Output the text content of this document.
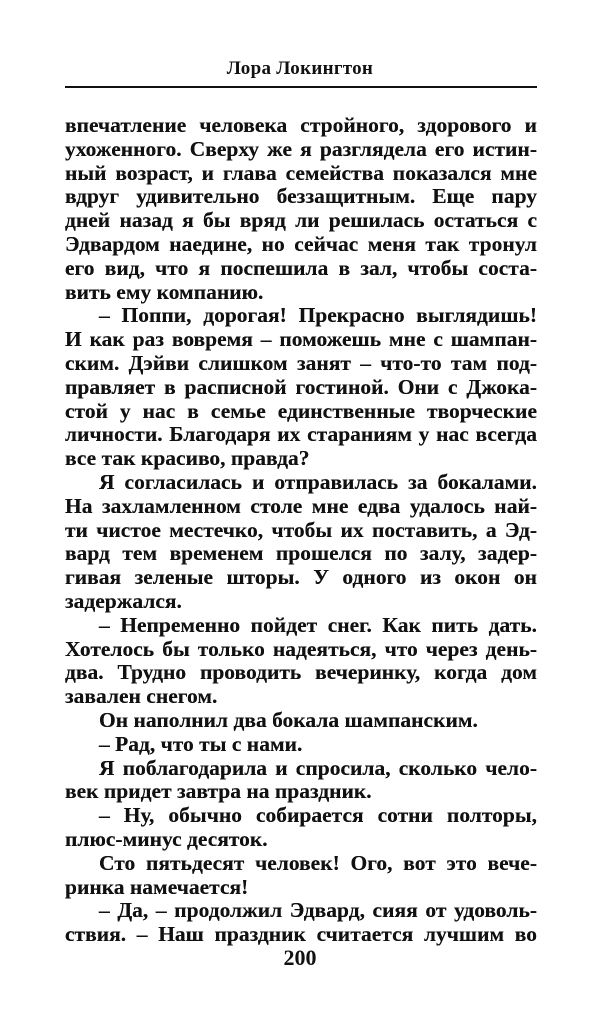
Лора Локингтон
впечатление человека стройного, здорового и
ухоженного. Сверху же я разглядела его истин-
ный возраст, и глава семейства показался мне
вдруг удивительно беззащитным. Еще пару
дней назад я бы вряд ли решилась остаться с
Эдвардом наедине, но сейчас меня так тронул
его вид, что я поспешила в зал, чтобы соста-
вить ему компанию.
– Поппи, дорогая! Прекрасно выглядишь!
И как раз вовремя – поможешь мне с шампан-
ским. Дэйви слишком занят – что-то там под-
правляет в расписной гостиной. Они с Джока-
стой у нас в семье единственные творческие
личности. Благодаря их стараниям у нас всегда
все так красиво, правда?
Я согласилась и отправилась за бокалами.
На захламленном столе мне едва удалось най-
ти чистое местечко, чтобы их поставить, а Эд-
вард тем временем прошелся по залу, задер-
гивая зеленые шторы. У одного из окон он
задержался.
– Непременно пойдет снег. Как пить дать.
Хотелось бы только надеяться, что через день-
два. Трудно проводить вечеринку, когда дом
завален снегом.
Он наполнил два бокала шампанским.
– Рад, что ты с нами.
Я поблагодарила и спросила, сколько чело-
век придет завтра на праздник.
– Ну, обычно собирается сотни полторы,
плюс-минус десяток.
Сто пятьдесят человек! Ого, вот это вече-
ринка намечается!
– Да, – продолжил Эдвард, сияя от удоволь-
ствия. – Наш праздник считается лучшим во
200
